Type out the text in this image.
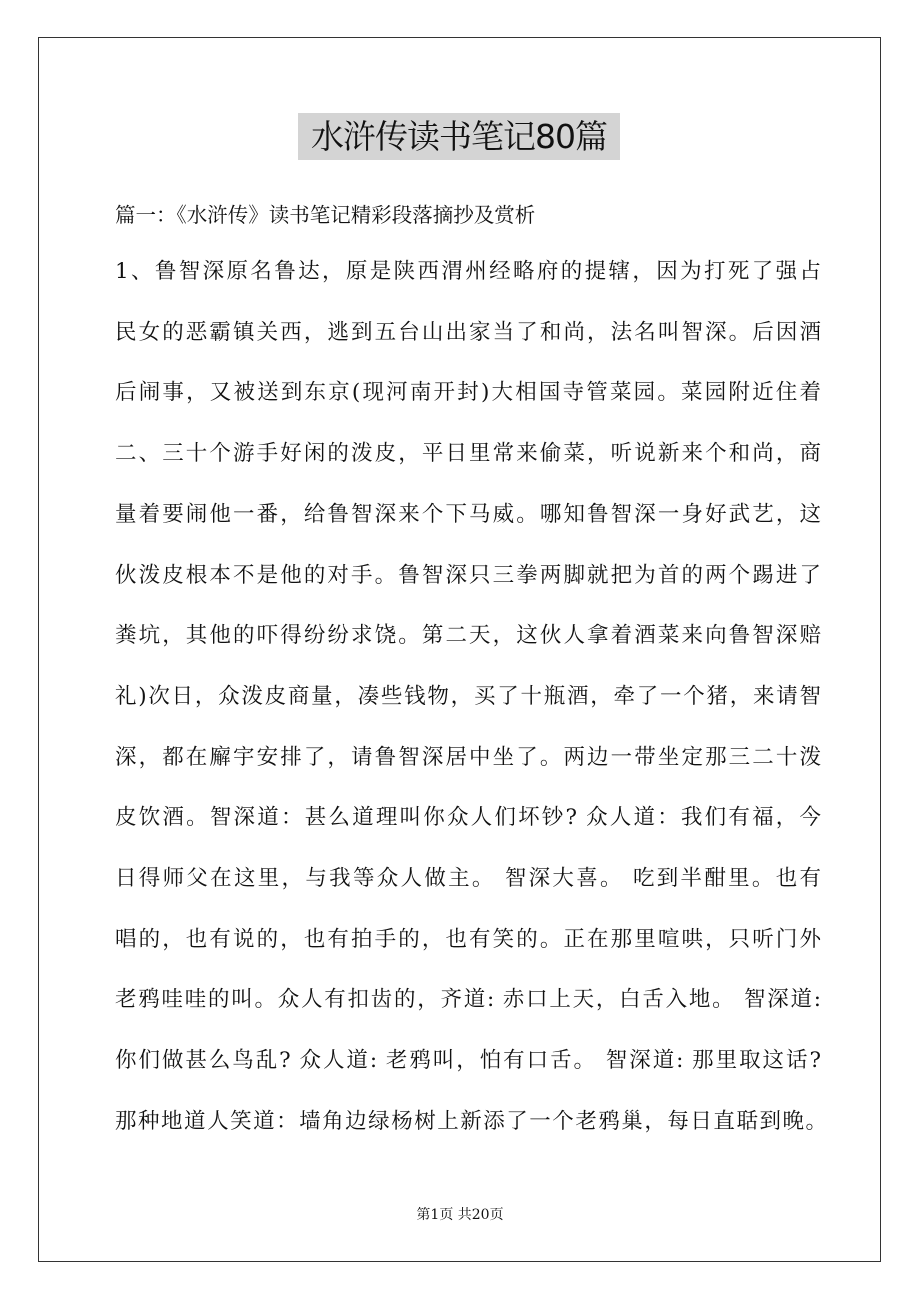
水浒传读书笔记80篇
篇一：《水浒传》读书笔记精彩段落摘抄及赏析
1、鲁智深原名鲁达，原是陕西渭州经略府的提辖，因为打死了强占
民女的恶霸镇关西，逃到五台山出家当了和尚，法名叫智深。后因酒
后闹事，又被送到东京(现河南开封)大相国寺管菜园。菜园附近住着
二、三十个游手好闲的泼皮，平日里常来偷菜，听说新来个和尚，商
量着要闹他一番，给鲁智深来个下马威。哪知鲁智深一身好武艺，这
伙泼皮根本不是他的对手。鲁智深只三拳两脚就把为首的两个踢进了
粪坑，其他的吓得纷纷求饶。第二天，这伙人拿着酒菜来向鲁智深赔
礼)次日，众泼皮商量，凑些钱物，买了十瓶酒，牵了一个猪，来请智
深，都在廨宇安排了，请鲁智深居中坐了。两边一带坐定那三二十泼
皮饮酒。智深道：甚么道理叫你众人们坏钞? 众人道：我们有福，今
日得师父在这里，与我等众人做主。 智深大喜。 吃到半酣里。也有
唱的，也有说的，也有拍手的，也有笑的。正在那里喧哄，只听门外
老鸦哇哇的叫。众人有扣齿的，齐道: 赤口上天，白舌入地。 智深道:
你们做甚么鸟乱? 众人道: 老鸦叫，怕有口舌。 智深道: 那里取这话?
那种地道人笑道：墙角边绿杨树上新添了一个老鸦巢，每日直聒到晚。
第1页 共20页
